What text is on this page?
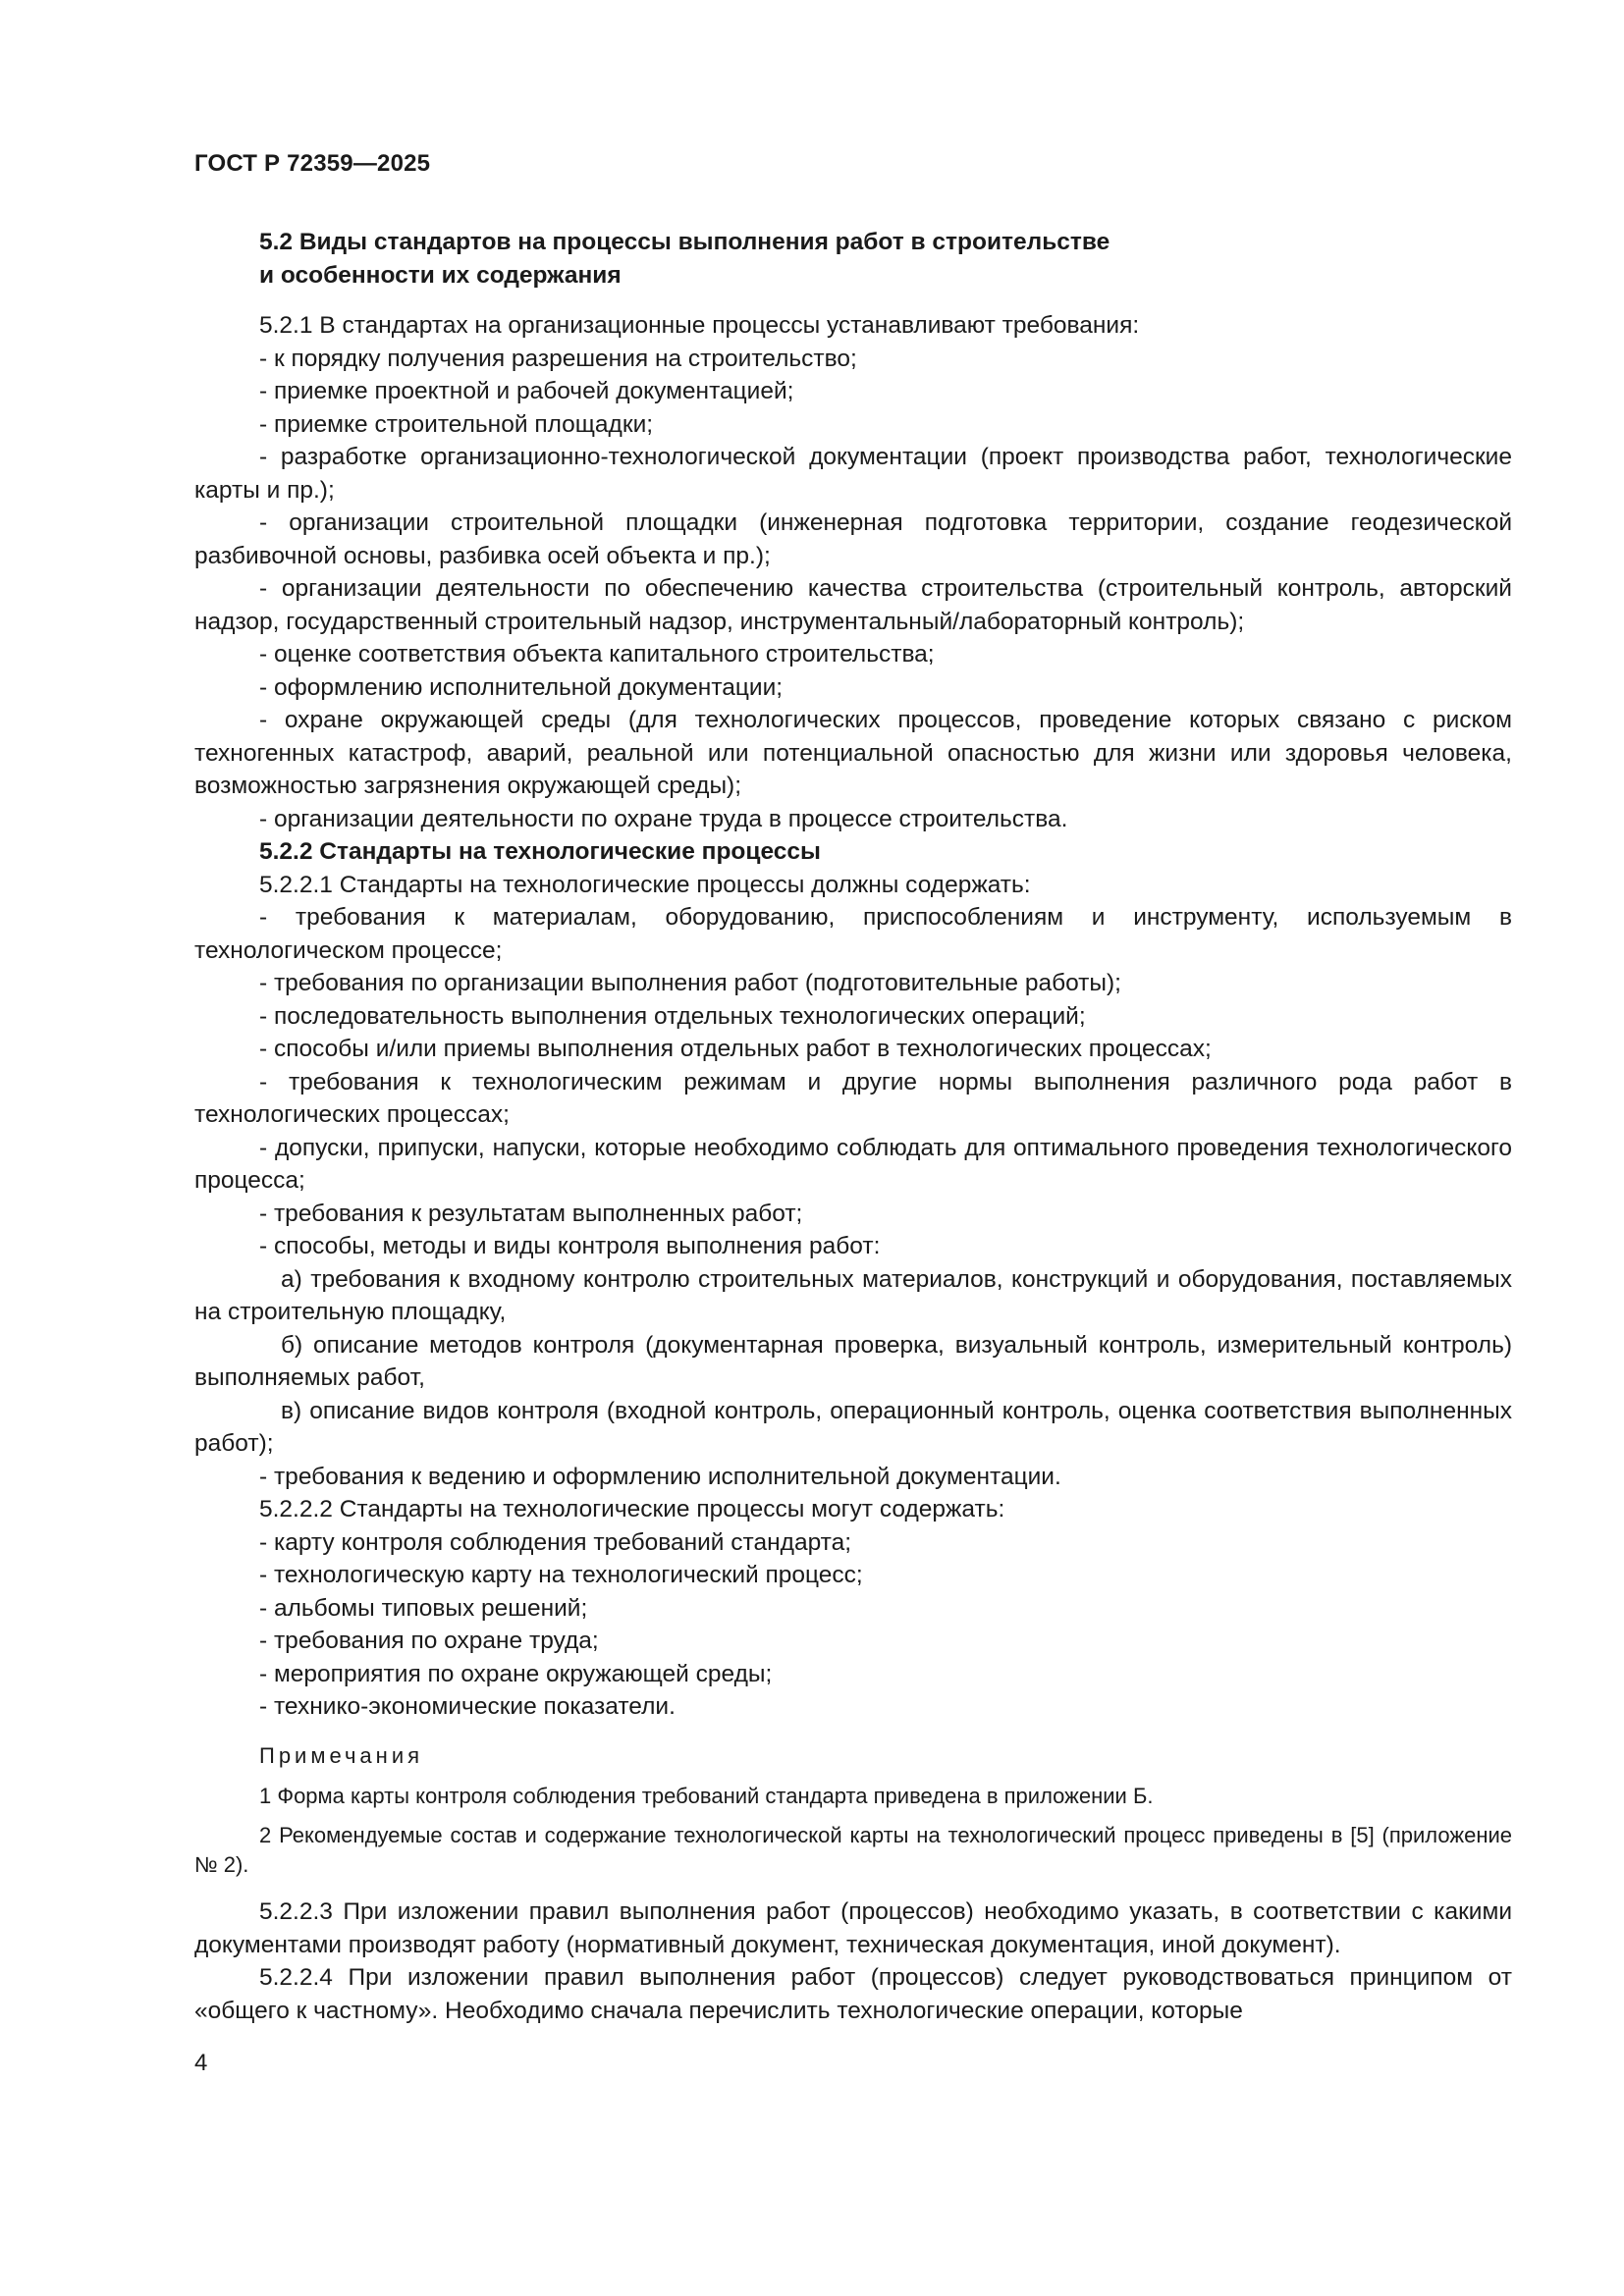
ГОСТ Р 72359—2025

5.2 Виды стандартов на процессы выполнения работ в строительстве
и особенности их содержания

5.2.1 В стандартах на организационные процессы устанавливают требования:

- к порядку получения разрешения на строительство;

- приемке проектной и рабочей документацией;

- приемке строительной площадки;

- разработке организационно-технологической документации (проект производства работ, технологические карты и пр.);

- организации строительной площадки (инженерная подготовка территории, создание геодезической разбивочной основы, разбивка осей объекта и пр.);

- организации деятельности по обеспечению качества строительства (строительный контроль, авторский надзор, государственный строительный надзор, инструментальный/лабораторный контроль);

- оценке соответствия объекта капитального строительства;

- оформлению исполнительной документации;

- охране окружающей среды (для технологических процессов, проведение которых связано с риском техногенных катастроф, аварий, реальной или потенциальной опасностью для жизни или здоровья человека, возможностью загрязнения окружающей среды);

- организации деятельности по охране труда в процессе строительства.

5.2.2 Стандарты на технологические процессы

5.2.2.1 Стандарты на технологические процессы должны содержать:

- требования к материалам, оборудованию, приспособлениям и инструменту, используемым в технологическом процессе;

- требования по организации выполнения работ (подготовительные работы);

- последовательность выполнения отдельных технологических операций;

- способы и/или приемы выполнения отдельных работ в технологических процессах;

- требования к технологическим режимам и другие нормы выполнения различного рода работ в технологических процессах;

- допуски, припуски, напуски, которые необходимо соблюдать для оптимального проведения технологического процесса;

- требования к результатам выполненных работ;

- способы, методы и виды контроля выполнения работ:

а) требования к входному контролю строительных материалов, конструкций и оборудования, поставляемых на строительную площадку,

б) описание методов контроля (документарная проверка, визуальный контроль, измерительный контроль) выполняемых работ,

в) описание видов контроля (входной контроль, операционный контроль, оценка соответствия выполненных работ);

- требования к ведению и оформлению исполнительной документации.

5.2.2.2 Стандарты на технологические процессы могут содержать:

- карту контроля соблюдения требований стандарта;

- технологическую карту на технологический процесс;

- альбомы типовых решений;

- требования по охране труда;

- мероприятия по охране окружающей среды;

- технико-экономические показатели.

Примечания

1 Форма карты контроля соблюдения требований стандарта приведена в приложении Б.

2 Рекомендуемые состав и содержание технологической карты на технологический процесс приведены в [5] (приложение № 2).

5.2.2.3 При изложении правил выполнения работ (процессов) необходимо указать, в соответствии с какими документами производят работу (нормативный документ, техническая документация, иной документ).

5.2.2.4 При изложении правил выполнения работ (процессов) следует руководствоваться принципом от «общего к частному». Необходимо сначала перечислить технологические операции, которые

4
